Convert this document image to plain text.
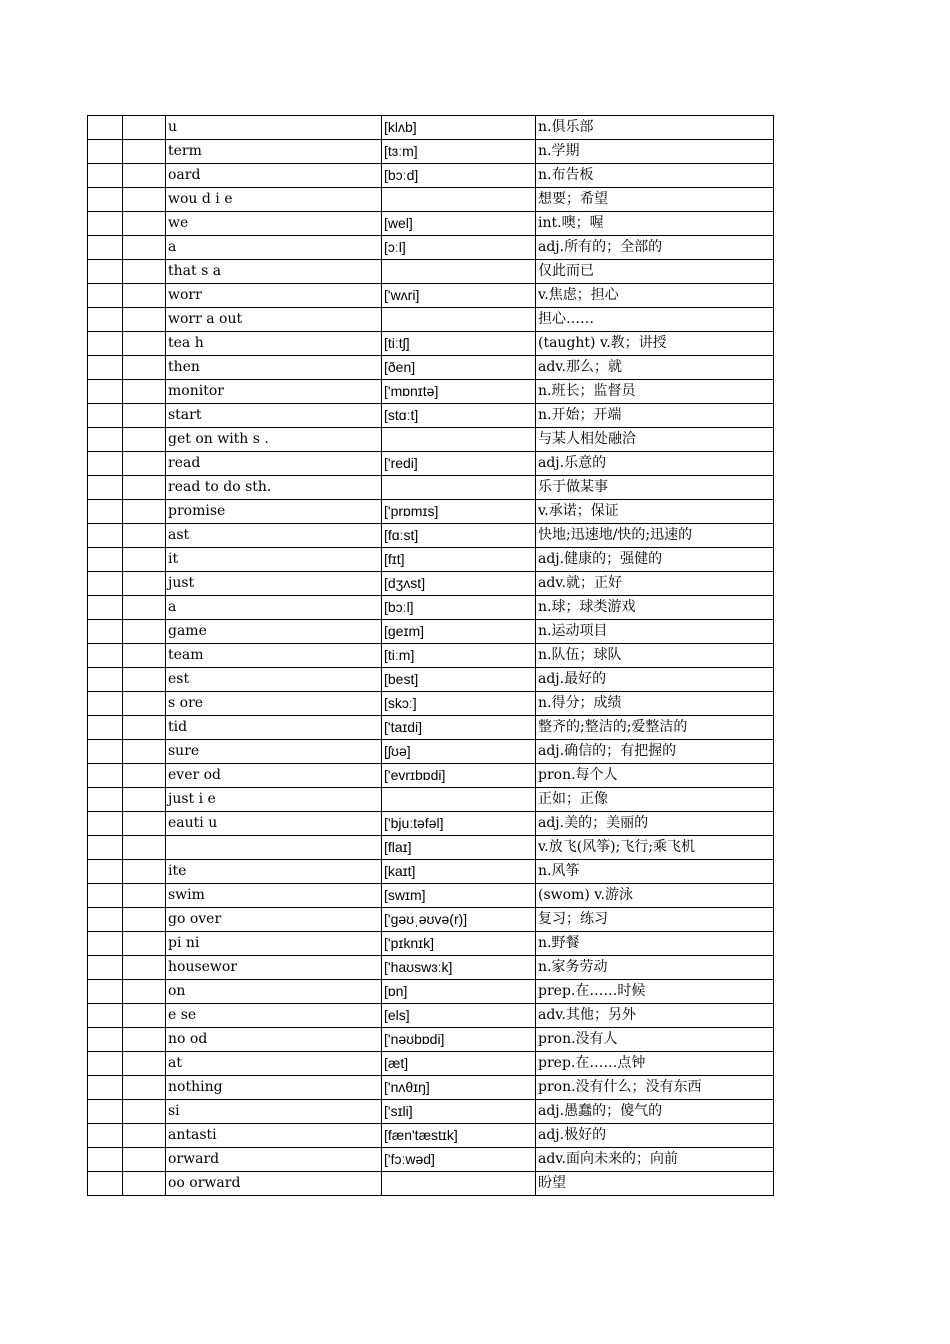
		u	[klʌb]	n.俱乐部
		term	[tɜːm]	n.学期
		oard	[bɔːd]	n.布告板
		wou d i e		想要；希望
		we	[wel]	int.噢；喔
		a	[ɔːl]	adj.所有的；全部的
		that s a		仅此而已
		worr	['wʌri]	v.焦虑；担心
		worr a out		担心……
		tea h	[tiːtʃ]	(taught) v.教；讲授
		then	[ðen]	adv.那么；就
		monitor	['mɒnɪtə]	n.班长；监督员
		start	[stɑːt]	n.开始；开端
		get on with s .		与某人相处融洽
		read	['redi]	adj.乐意的
		read to do sth.		乐于做某事
		promise	['prɒmɪs]	v.承诺；保证
		ast	[fɑːst]	快地;迅速地/快的;迅速的
		it	[fɪt]	adj.健康的；强健的
		just	[dʒʌst]	adv.就；正好
		a	[bɔːl]	n.球；球类游戏
		game	[geɪm]	n.运动项目
		team	[tiːm]	n.队伍；球队
		est	[best]	adj.最好的
		s ore	[skɔː]	n.得分；成绩
		tid	['taɪdi]	整齐的;整洁的;爱整洁的
		sure	[ʃʊə]	adj.确信的；有把握的
		ever od	['evrɪbɒdi]	pron.每个人
		just i e		正如；正像
		eauti u	['bjuːtəfəl]	adj.美的；美丽的
			[flaɪ]	v.放飞(风筝);飞行;乘飞机
		ite	[kaɪt]	n.风筝
		swim	[swɪm]	(swom) v.游泳
		go over	['gəʊˌəʊvə(r)]	复习；练习
		pi ni	['pɪknɪk]	n.野餐
		housewor	['haʊswɜːk]	n.家务劳动
		on	[ɒn]	prep.在……时候
		e se	[els]	adv.其他；另外
		no od	['nəʊbɒdi]	pron.没有人
		at	[æt]	prep.在……点钟
		nothing	['nʌθɪŋ]	pron.没有什么；没有东西
		si	['sɪli]	adj.愚蠢的；傻气的
		antasti	[fæn'tæstɪk]	adj.极好的
		orward	['fɔːwəd]	adv.面向未来的；向前
		oo orward		盼望
